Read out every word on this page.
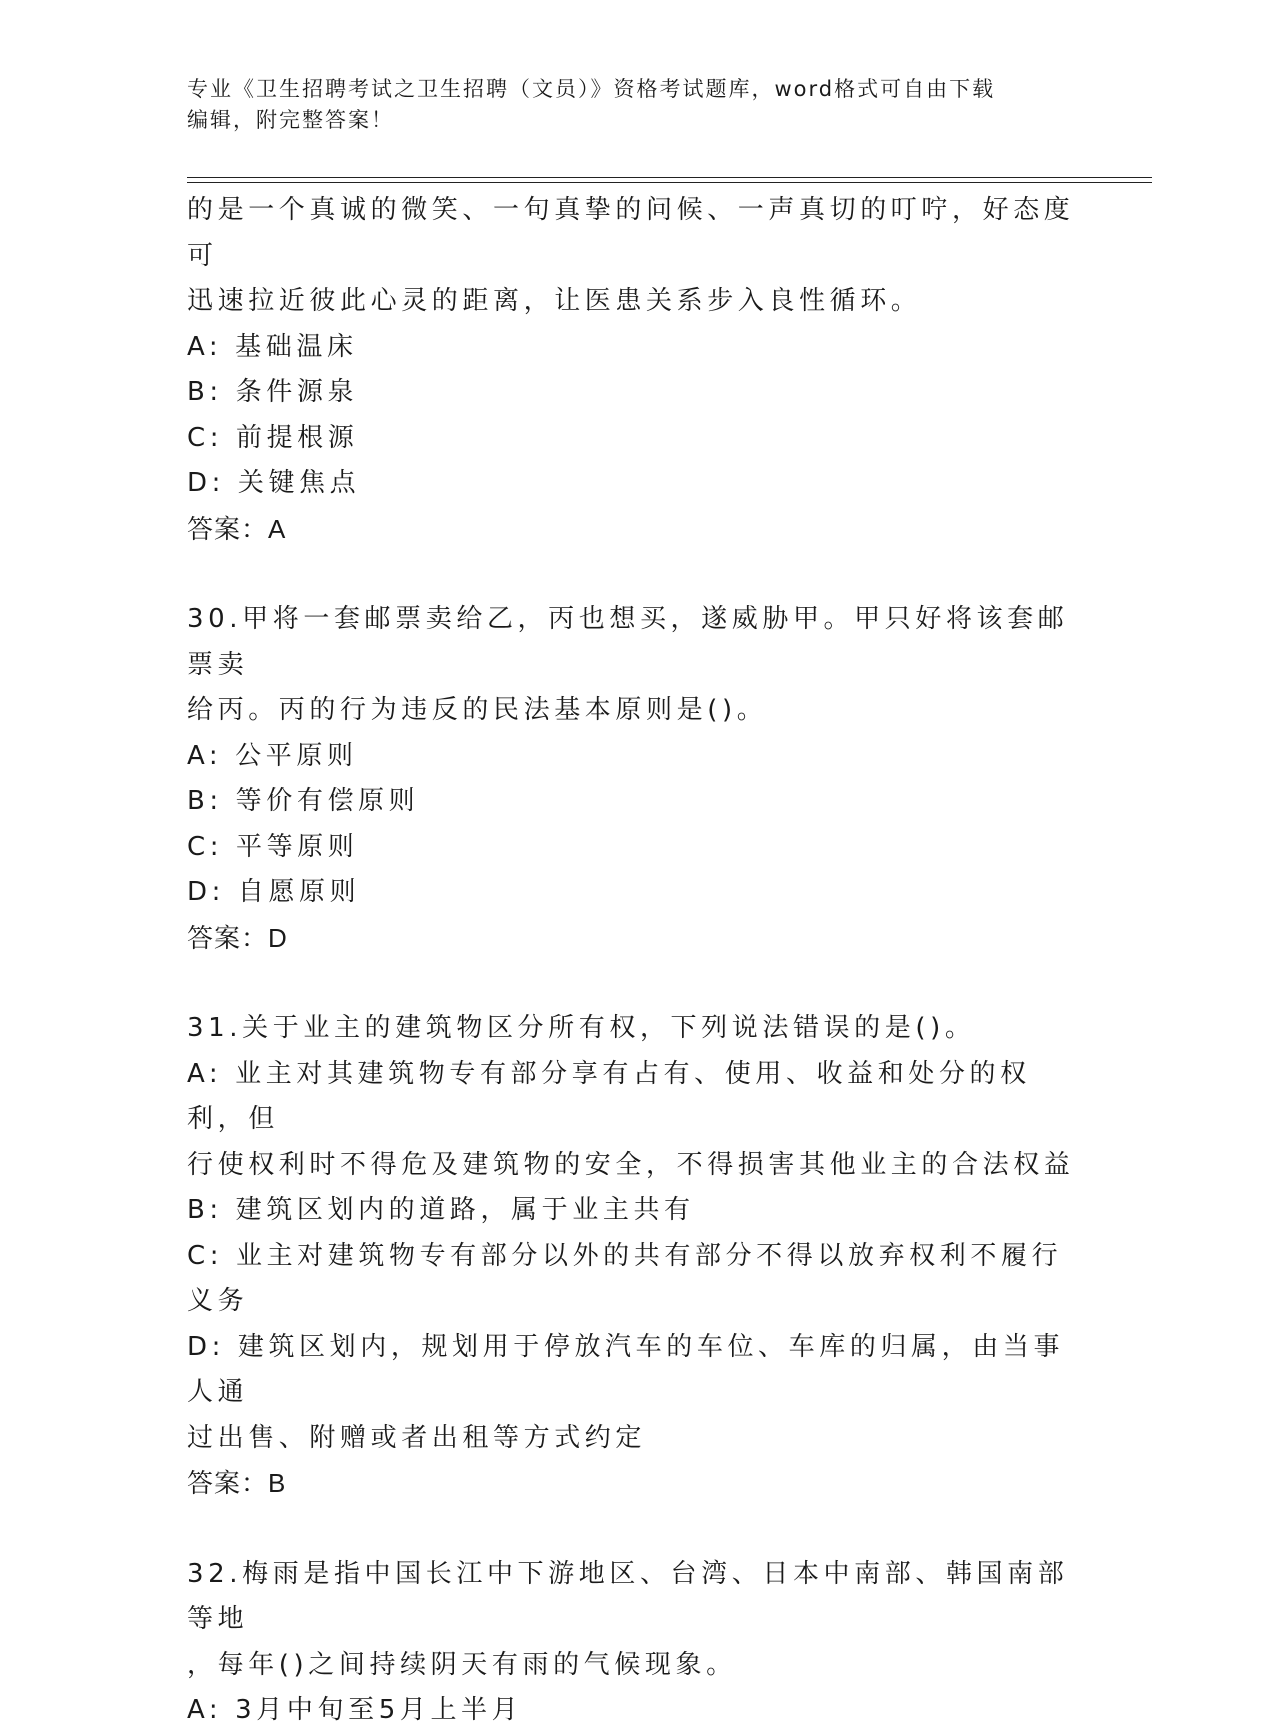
专业《卫生招聘考试之卫生招聘（文员）》资格考试题库，word格式可自由下载
编辑，附完整答案！

的是一个真诚的微笑、一句真挚的问候、一声真切的叮咛，好态度可

迅速拉近彼此心灵的距离，让医患关系步入良性循环。

A: 基础温床

B: 条件源泉

C: 前提根源

D: 关键焦点

答案：A

30.甲将一套邮票卖给乙，丙也想买，遂威胁甲。甲只好将该套邮票卖

给丙。丙的行为违反的民法基本原则是()。

A: 公平原则

B: 等价有偿原则

C: 平等原则

D: 自愿原则

答案：D

31.关于业主的建筑物区分所有权，下列说法错误的是()。

A: 业主对其建筑物专有部分享有占有、使用、收益和处分的权利，但

行使权利时不得危及建筑物的安全，不得损害其他业主的合法权益

B: 建筑区划内的道路，属于业主共有

C: 业主对建筑物专有部分以外的共有部分不得以放弃权利不履行义务

D: 建筑区划内，规划用于停放汽车的车位、车库的归属，由当事人通

过出售、附赠或者出租等方式约定

答案：B

32.梅雨是指中国长江中下游地区、台湾、日本中南部、韩国南部等地

，每年()之间持续阴天有雨的气候现象。

A: 3月中旬至5月上半月
